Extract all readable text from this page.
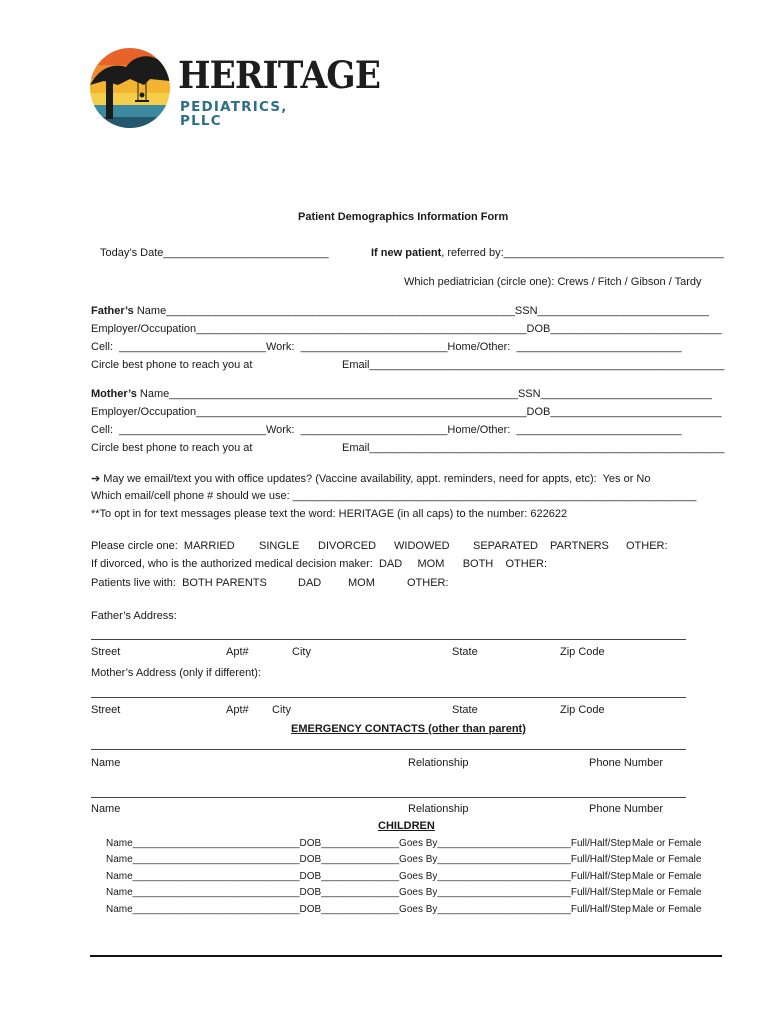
HERITAGE
PEDIATRICS, PLLC
Patient Demographics Information Form
Today’s Date___________________________	If new patient, referred by:____________________________________
Which pediatrician (circle one): Crews / Fitch / Gibson / Tardy
Father’s Name_________________________________________________________SSN____________________________
Employer/Occupation______________________________________________________DOB____________________________
Cell:  ________________________Work:  ________________________Home/Other:  ___________________________
Circle best phone to reach you at	Email__________________________________________________________
Mother’s Name_________________________________________________________SSN____________________________
Employer/Occupation______________________________________________________DOB____________________________
Cell:  ________________________Work:  ________________________Home/Other:  ___________________________
Circle best phone to reach you at	Email__________________________________________________________
➔ May we email/text you with office updates? (Vaccine availability, appt. reminders, need for appts, etc):  Yes or No
Which email/cell phone # should we use: __________________________________________________________________
**To opt in for text messages please text the word: HERITAGE (in all caps) to the number: 622622
Please circle one:  MARRIED SINGLE DIVORCED WIDOWED SEPARATED PARTNERS OTHER:
If divorced, who is the authorized medical decision maker:  DAD     MOM      BOTH    OTHER:
Patients live with:  BOTH PARENTS	DAD MOM	OTHER:
Father’s Address:
Street	Apt#	City	State	Zip Code
Mother’s Address (only if different):
Street	Apt# City	State	Zip Code
EMERGENCY CONTACTS (other than parent)
Name	Relationship	Phone Number
Name	Relationship	Phone Number
CHILDREN
Name______________________________DOB______________Goes By________________________Full/Half/Step Male or Female
Name______________________________DOB______________Goes By________________________Full/Half/Step Male or Female
Name______________________________DOB______________Goes By________________________Full/Half/Step Male or Female
Name______________________________DOB______________Goes By________________________Full/Half/Step Male or Female
Name______________________________DOB______________Goes By________________________Full/Half/Step Male or Female
